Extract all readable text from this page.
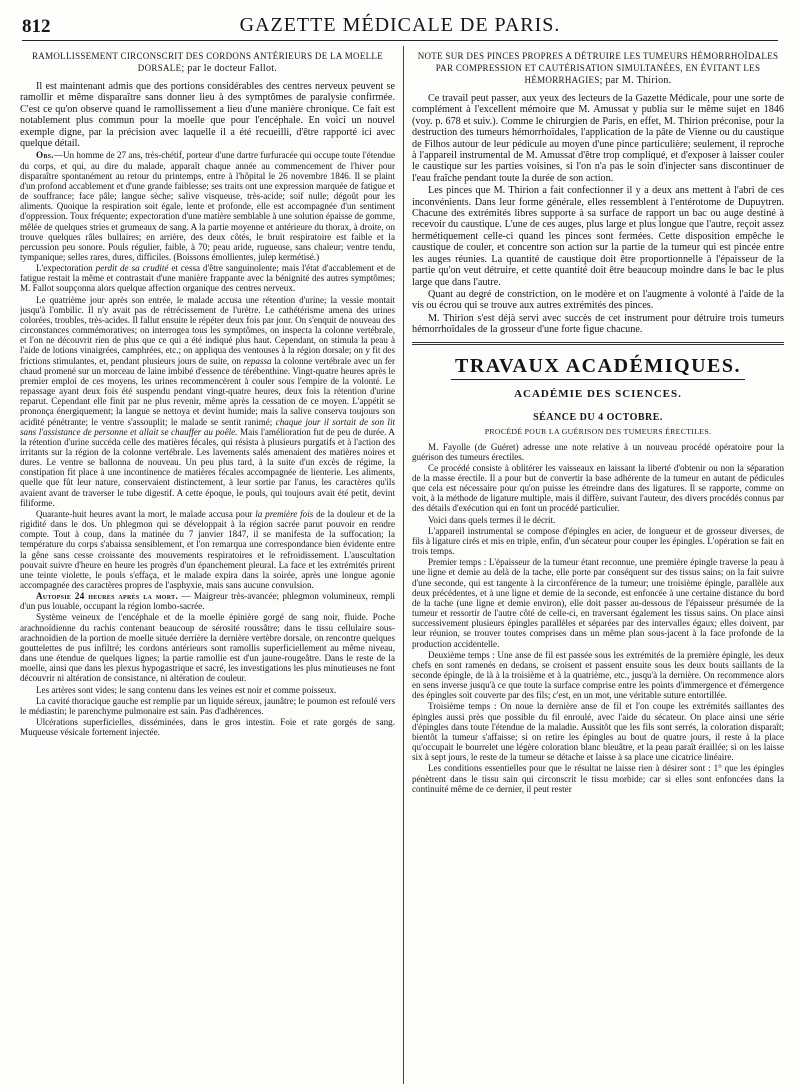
812	GAZETTE MÉDICALE DE PARIS.
RAMOLLISSEMENT CIRCONSCRIT DES CORDONS ANTÉRIEURS DE LA MOELLE DORSALE; par le docteur Fallot.

Il est maintenant admis que des portions considérables des centres nerveux peuvent se ramollir et même disparaître sans donner lieu à des symptômes de paralysie confirmée. C'est ce qu'on observe quand le ramollissement a lieu d'une manière chronique. Ce fait est notablement plus commun pour la moelle que pour l'encéphale. En voici un nouvel exemple digne, par la précision avec laquelle il a été recueilli, d'être rapporté ici avec quelque détail.

Obs.—Un homme de 27 ans, très-chétif, porteur d'une dartre furfuracée qui occupe toute l'étendue du corps, et qui, au dire du malade, apparaît chaque année au commencement de l'hiver pour disparaître spontanément au retour du printemps, entre à l'hôpital le 26 novembre 1846. Il se plaint d'un profond accablement et d'une grande faiblesse; ses traits ont une expression marquée de fatigue et de souffrance; face pâle; langue sèche; salive visqueuse, très-acide; soif nulle; dégoût pour les aliments. Quoique la respiration soit égale, lente et profonde, elle est accompagnée d'un sentiment d'oppression. Toux fréquente; expectoration d'une matière semblable à une solution épaisse de gomme, mêlée de quelques stries et grumeaux de sang. A la partie moyenne et antérieure du thorax, à droite, on trouve quelques râles bullaires; en arrière, des deux côtés, le bruit respiratoire est faible et la percussion peu sonore. Pouls régulier, faible, à 70; peau aride, rugueuse, sans chaleur; ventre tendu, tympanique; selles rares, dures, difficiles. (Boissons émollientes, julep kermétisé.)

L'expectoration perdit de sa crudité et cessa d'être sanguinolente; mais l'état d'accablement et de fatigue restait la même et contrastait d'une manière frappante avec la bénignité des autres symptômes; M. Fallot soupçonna alors quelque affection organique des centres nerveux.

Le quatrième jour après son entrée, le malade accusa une rétention d'urine; la vessie montait jusqu'à l'ombilic. Il n'y avait pas de rétrécissement de l'urètre. Le cathétérisme amena des urines colorées, troubles, très-acides. Il fallut ensuite le répéter deux fois par jour. On s'enquit de nouveau des circonstances commémoratives; on interrogea tous les symptômes, on inspecta la colonne vertébrale, et l'on ne découvrit rien de plus que ce qui a été indiqué plus haut. Cependant, on stimula la peau à l'aide de lotions vinaigrées, camphrées, etc.; on appliqua des ventouses à la région dorsale; on y fit des frictions stimulantes, et, pendant plusieurs jours de suite, on repassa la colonne vertébrale avec un fer chaud promené sur un morceau de laine imbibé d'essence de térébenthine. Vingt-quatre heures après le premier emploi de ces moyens, les urines recommencèrent à couler sous l'empire de la volonté. Le repassage ayant deux fois été suspendu pendant vingt-quatre heures, deux fois la rétention d'urine reparut. Cependant elle finit par ne plus revenir, même après la cessation de ce moyen. L'appétit se prononça énergiquement; la langue se nettoya et devint humide; mais la salive conserva toujours son acidité pénétrante; le ventre s'assouplit; le malade se sentit ranimé; chaque jour il sortait de son lit sans l'assistance de personne et allait se chauffer au poêle. Mais l'amélioration fut de peu de durée. A la rétention d'urine succéda celle des matières fécales, qui résista à plusieurs purgatifs et à l'action des irritants sur la région de la colonne vertébrale. Les lavements salés amenaient des matières noires et dures. Le ventre se ballonna de nouveau. Un peu plus tard, à la suite d'un excès de régime, la constipation fit place à une incontinence de matières fécales accompagnée de lienterie. Les aliments, quelle que fût leur nature, conservaient distinctement, à leur sortie par l'anus, les caractères qu'ils avaient avant de traverser le tube digestif. A cette époque, le pouls, qui toujours avait été petit, devint filiforme.

Quarante-huit heures avant la mort, le malade accusa pour la première fois de la douleur et de la rigidité dans le dos. Un phlegmon qui se développait à la région sacrée parut pouvoir en rendre compte. Tout à coup, dans la matinée du 7 janvier 1847, il se manifesta de la suffocation; la température du corps s'abaissa sensiblement, et l'on remarqua une correspondance bien évidente entre la gêne sans cesse croissante des mouvements respiratoires et le refroidissement. L'auscultation pouvait suivre d'heure en heure les progrès d'un épanchement pleural. La face et les extrémités prirent une teinte violette, le pouls s'effaça, et le malade expira dans la soirée, après une longue agonie accompagnée des caractères propres de l'asphyxie, mais sans aucune convulsion.

Autopsie 24 heures après la mort. — Maigreur très-avancée; phlegmon volumineux, rempli d'un pus louable, occupant la région lombo-sacrée.

Système veineux de l'encéphale et de la moelle épinière gorgé de sang noir, fluide. Poche arachnoïdienne du rachis contenant beaucoup de sérosité roussâtre; dans le tissu cellulaire sous-arachnoïdien de la portion de moelle située derrière la dernière vertèbre dorsale, on rencontre quelques gouttelettes de pus infiltré; les cordons antérieurs sont ramollis superficiellement au même niveau, dans une étendue de quelques lignes; la partie ramollie est d'un jaune-rougeâtre. Dans le reste de la moelle, ainsi que dans les plexus hypogastrique et sacré, les investigations les plus minutieuses ne font découvrir ni altération de consistance, ni altération de couleur.

Les artères sont vides; le sang contenu dans les veines est noir et comme poisseux.

La cavité thoracique gauche est remplie par un liquide séreux, jaunâtre; le poumon est refoulé vers le médiastin; le parenchyme pulmonaire est sain. Pas d'adhérences.

Ulcérations superficielles, disséminées, dans le gros intestin. Foie et rate gorgés de sang. Muqueuse vésicale fortement injectée.

NOTE SUR DES PINCES PROPRES A DÉTRUIRE LES TUMEURS HÉMORRHOÏDALES PAR COMPRESSION ET CAUTÉRISATION SIMULTANÉES, EN ÉVITANT LES HÉMORRHAGIES; par M. Thirion.

Ce travail peut passer, aux yeux des lecteurs de la Gazette Médicale, pour une sorte de complément à l'excellent mémoire que M. Amussat y publia sur le même sujet en 1846 (voy. p. 678 et suiv.). Comme le chirurgien de Paris, en effet, M. Thirion préconise, pour la destruction des tumeurs hémorrhoïdales, l'application de la pâte de Vienne ou du caustique de Filhos autour de leur pédicule au moyen d'une pince particulière; seulement, il reproche à l'appareil instrumental de M. Amussat d'être trop compliqué, et d'exposer à laisser couler le caustique sur les parties voisines, si l'on n'a pas le soin d'injecter sans discontinuer de l'eau fraîche pendant toute la durée de son action.

Les pinces que M. Thirion a fait confectionner il y a deux ans mettent à l'abri de ces inconvénients. Dans leur forme générale, elles ressemblent à l'entérotome de Dupuytren. Chacune des extrémités libres supporte à sa surface de rapport un bac ou auge destiné à recevoir du caustique. L'une de ces auges, plus large et plus longue que l'autre, reçoit assez hermétiquement celle-ci quand les pinces sont fermées. Cette disposition empêche le caustique de couler, et concentre son action sur la partie de la tumeur qui est pincée entre les auges réunies. La quantité de caustique doit être proportionnelle à l'épaisseur de la partie qu'on veut détruire, et cette quantité doit être beaucoup moindre dans le bac le plus large que dans l'autre.

Quant au degré de constriction, on le modère et on l'augmente à volonté à l'aide de la vis ou écrou qui se trouve aux autres extrémités des pinces.

M. Thirion s'est déjà servi avec succès de cet instrument pour détruire trois tumeurs hémorrhoïdales de la grosseur d'une forte figue chacune.

TRAVAUX ACADÉMIQUES.
ACADÉMIE DES SCIENCES.
SÉANCE DU 4 OCTOBRE.
PROCÉDÉ POUR LA GUÉRISON DES TUMEURS ÉRECTILES.

M. Fayolle (de Guéret) adresse une note relative à un nouveau procédé opératoire pour la guérison des tumeurs érectiles.

Ce procédé consiste à oblitérer les vaisseaux en laissant la liberté d'obtenir ou non la séparation de la masse érectile. Il a pour but de convertir la base adhérente de la tumeur en autant de pédicules que cela est nécessaire pour qu'on puisse les étreindre dans des ligatures. Il se rapporte, comme on voit, à la méthode de ligature multiple, mais il diffère, suivant l'auteur, des divers procédés connus par des détails d'exécution qui en font un procédé particulier.

Voici dans quels termes il le décrit.

L'appareil instrumental se compose d'épingles en acier, de longueur et de grosseur diverses, de fils à ligature cirés et mis en triple, enfin, d'un sécateur pour couper les épingles. L'opération se fait en trois temps.

Premier temps : L'épaisseur de la tumeur étant reconnue, une première épingle traverse la peau à une ligne et demie au delà de la tache, elle porte par conséquent sur des tissus sains; on la fait suivre d'une seconde, qui est tangente à la circonférence de la tumeur; une troisième épingle, parallèle aux deux précédentes, et à une ligne et demie de la seconde, est enfoncée à une certaine distance du bord de la tache (une ligne et demie environ), elle doit passer au-dessous de l'épaisseur présumée de la tumeur et ressortir de l'autre côté de celle-ci, en traversant également les tissus sains. On place ainsi successivement plusieurs épingles parallèles et séparées par des intervalles égaux; elles doivent, par leur réunion, se trouver toutes comprises dans un même plan sous-jacent à la face profonde de la production accidentelle.

Deuxième temps : Une anse de fil est passée sous les extrémités de la première épingle, les deux chefs en sont ramenés en dedans, se croisent et passent ensuite sous les deux bouts saillants de la seconde épingle, de là à la troisième et à la quatrième, etc., jusqu'à la dernière. On recommence alors en sens inverse jusqu'à ce que toute la surface comprise entre les points d'immergence et d'émergence des épingles soit couverte par des fils; c'est, en un mot, une véritable suture entortillée.

Troisième temps : On noue la dernière anse de fil et l'on coupe les extrémités saillantes des épingles aussi près que possible du fil enroulé, avec l'aide du sécateur. On place ainsi une série d'épingles dans toute l'étendue de la maladie. Aussitôt que les fils sont serrés, la coloration disparaît; bientôt la tumeur s'affaisse; si on retire les épingles au bout de quatre jours, il reste à la place qu'occupait le bourrelet une légère coloration blanc bleuâtre, et la peau paraît éraillée; si on les laisse six à sept jours, le reste de la tumeur se détache et laisse à sa place une cicatrice linéaire.

Les conditions essentielles pour que le résultat ne laisse rien à désirer sont : 1° que les épingles pénètrent dans le tissu sain qui circonscrit le tissu morbide; car si elles sont enfoncées dans la continuité même de ce dernier, il peut rester
